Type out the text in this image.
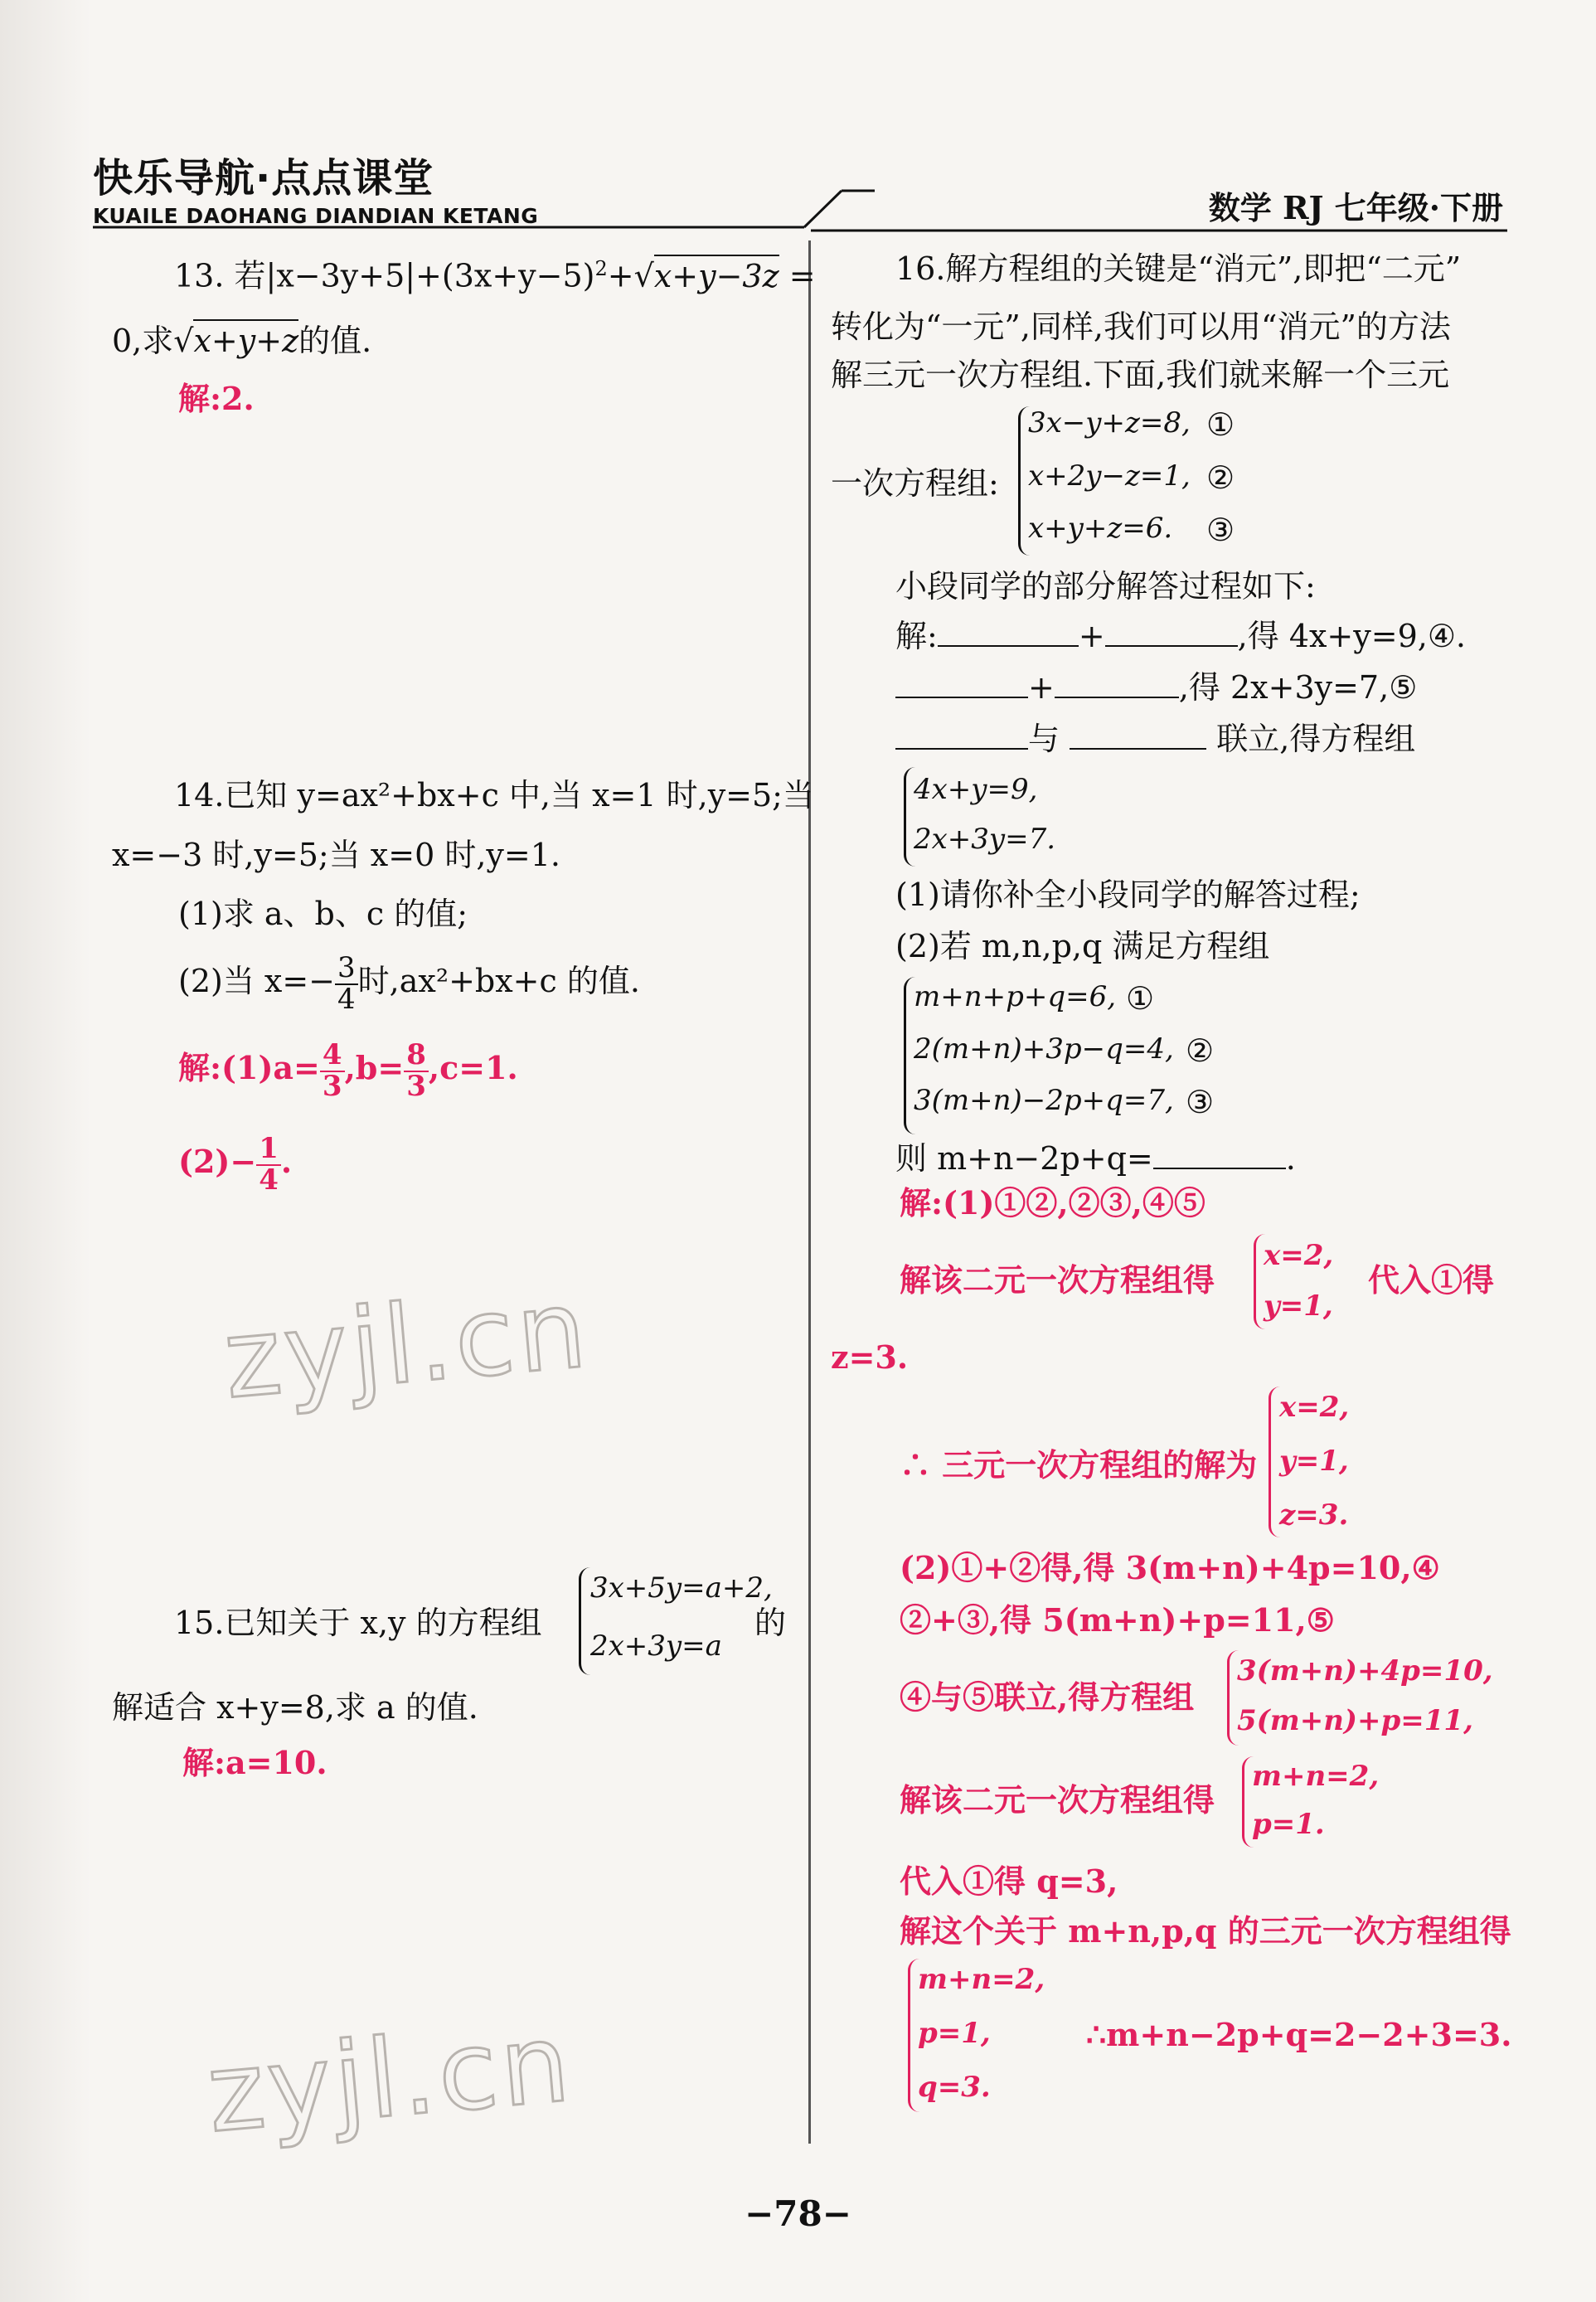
快乐导航·点点课堂
KUAILE DAOHANG DIANDIAN KETANG	数学 RJ 七年级·下册
zyjl.cn
zyjl.cn
13. 若$|x-3y+5|+(3x+y-5)^2+√x+y-3z$ =
0,求√x+y+z的值.
解:2.
14.已知 y=ax²+bx+c 中,当 x=1 时,y=5;当
x=−3 时,y=5;当 x=0 时,y=1.
(1)求 a、b、c 的值;
(2)当 $x=- \frac{3}{4}$ 时,ax²+bx+c 的值.
解:(1)a= $\frac{4}{3} ,b= \frac{8}{3} ,c=1$.
$(2)- \frac{1}{4}$ .
15.已知关于 x,y 的方程组
3x+5y=a+2,
2x+3y=a
的
解适合 x+y=8,求 a 的值.
解:a=10.
16.解方程组的关键是“消元”,即把“二元”
转化为“一元”,同样,我们可以用“消元”的方法
解三元一次方程组.下面,我们就来解一个三元
一次方程组:
3x−y+z=8,
x+2y−z=1,
x+y+z=6.
①
②
③
小段同学的部分解答过程如下:
解:	+	,得 4x+y=9,④.
+	,得 2x+3y=7,⑤
与	联立,得方程组
4x+y=9,
2x+3y=7.
(1)请你补全小段同学的解答过程;
(2)若 m,n,p,q 满足方程组
m+n+p+q=6,
2(m+n)+3p−q=4,
3(m+n)−2p+q=7,
①
②
③
则 m+n−2p+q=	.
解:(1)①②,②③,④⑤
解该二元一次方程组得
x=2,
y=1,
代入①得
z=3.
∴ 三元一次方程组的解为
x=2,
y=1,
z=3.
(2)①+②得,得 3(m+n)+4p=10,④
②+③,得 5(m+n)+p=11,⑤
④与⑤联立,得方程组
3(m+n)+4p=10,
5(m+n)+p=11,
解该二元一次方程组得
m+n=2,
p=1.
代入①得 q=3,
解这个关于 m+n,p,q 的三元一次方程组得
m+n=2,
p=1,
q=3.
∴m+n−2p+q=2−2+3=3.
−78−
